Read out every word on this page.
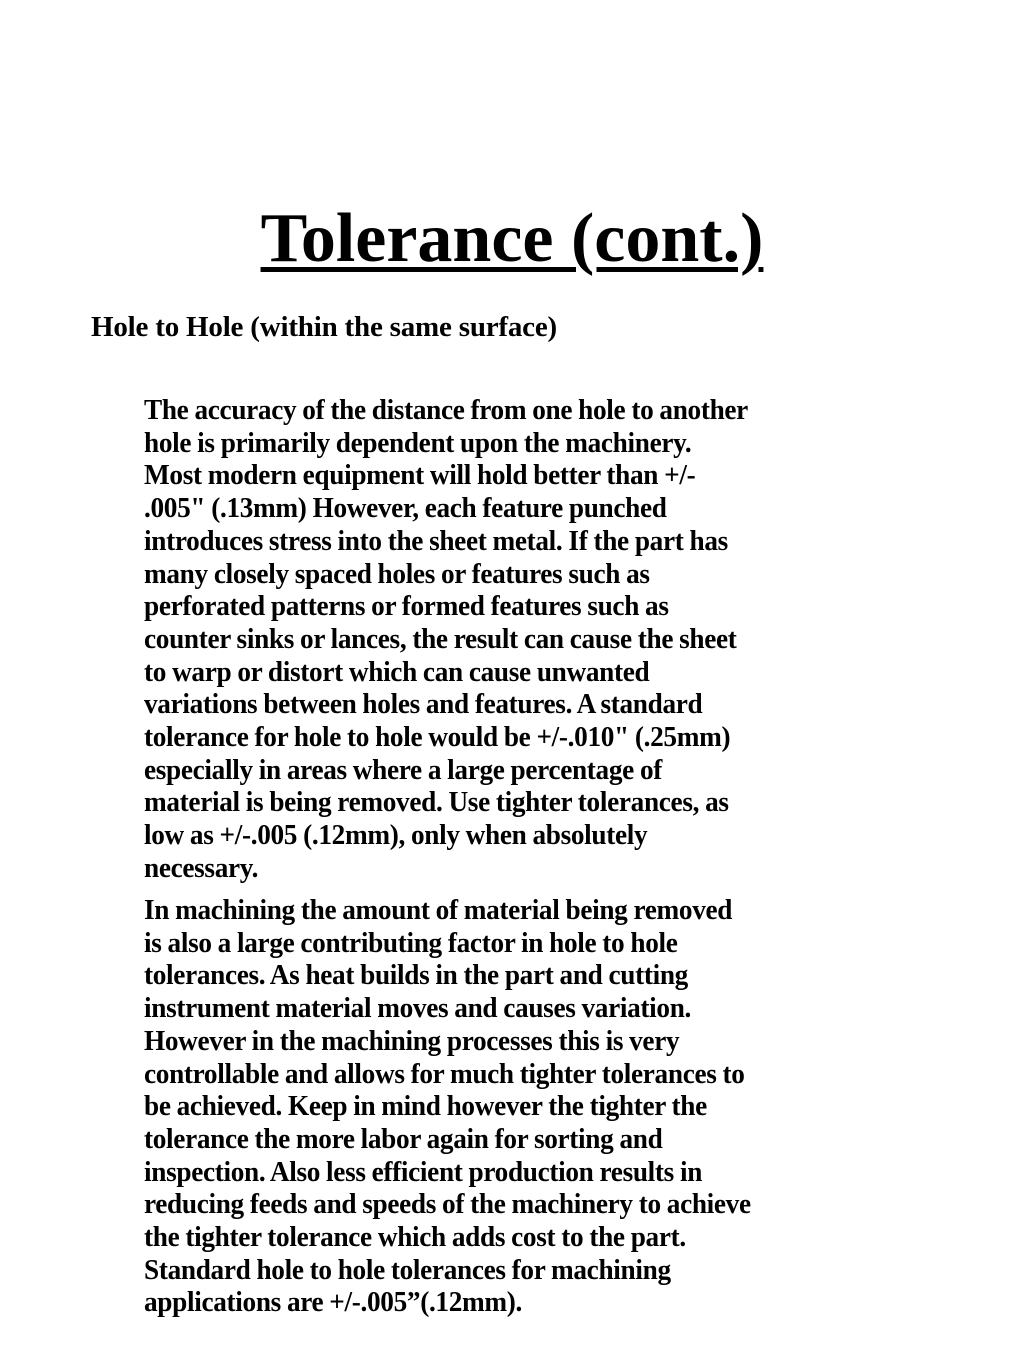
Tolerance (cont.)
Hole to Hole (within the same surface)

The accuracy of the distance from one hole to another
hole is primarily dependent upon the machinery.
Most modern equipment will hold better than +/-
.005" (.13mm) However, each feature punched
introduces stress into the sheet metal. If the part has
many closely spaced holes or features such as
perforated patterns or formed features such as
counter sinks or lances, the result can cause the sheet
to warp or distort which can cause unwanted
variations between holes and features. A standard
tolerance for hole to hole would be +/-.010" (.25mm)
especially in areas where a large percentage of
material is being removed. Use tighter tolerances, as
low as +/-.005 (.12mm), only when absolutely
necessary.

In machining the amount of material being removed
is also a large contributing factor in hole to hole
tolerances. As heat builds in the part and cutting
instrument material moves and causes variation.
However in the machining processes this is very
controllable and allows for much tighter tolerances to
be achieved. Keep in mind however the tighter the
tolerance the more labor again for sorting and
inspection. Also less efficient production results in
reducing feeds and speeds of the machinery to achieve
the tighter tolerance which adds cost to the part.
Standard hole to hole tolerances for machining
applications are +/-.005”(.12mm).
